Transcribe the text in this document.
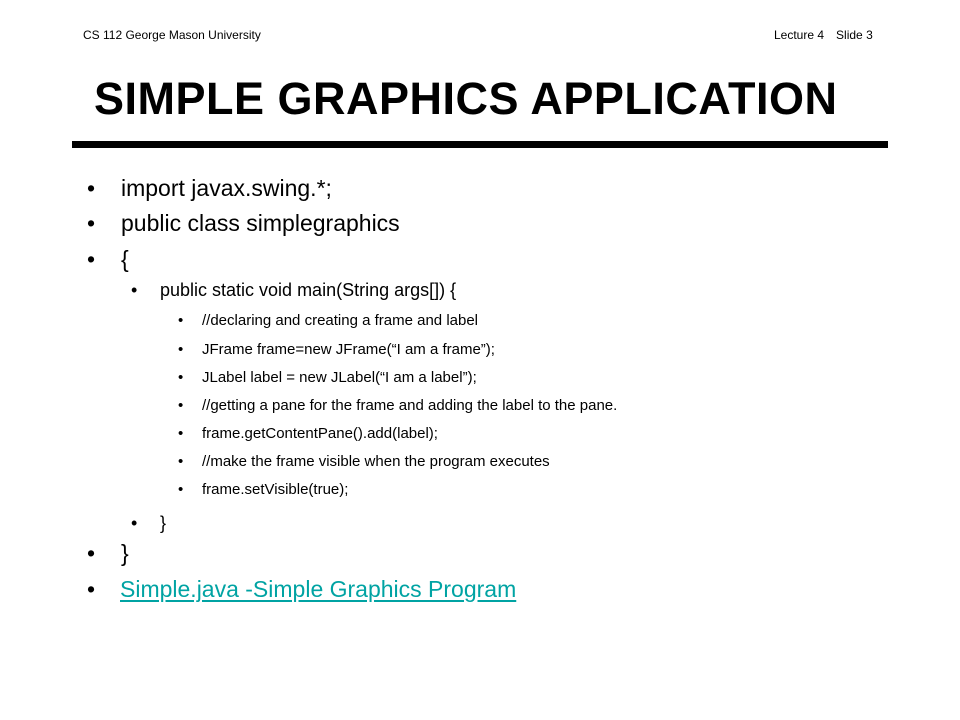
CS 112 George Mason University	Lecture 4 Slide 3
SIMPLE GRAPHICS APPLICATION
• import javax.swing.*;
• public class simplegraphics
• {
• public static void main(String args[]) {
• //declaring and creating a frame and label
• JFrame frame=new JFrame(“I am a frame”);
• JLabel label = new JLabel(“I am a label”);
• //getting a pane for the frame and adding the label to the pane.
• frame.getContentPane().add(label);
• //make the frame visible when the program executes
• frame.setVisible(true);
• }
• }
• Simple.java -Simple Graphics Program
